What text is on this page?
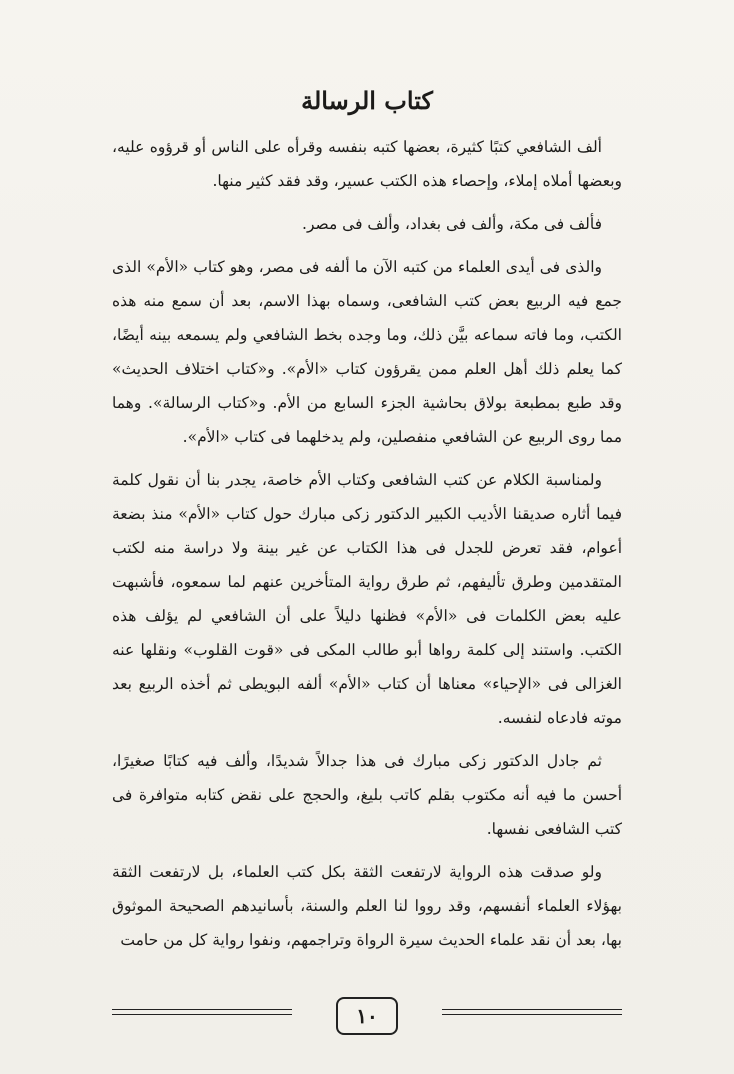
كتاب الرسالة

ألف الشافعي كتبًا كثيرة، بعضها كتبه بنفسه وقرأه على الناس أو قرؤوه عليه، وبعضها أملاه إملاء، وإحصاء هذه الكتب عسير، وقد فقد كثير منها.

فألف فى مكة، وألف فى بغداد، وألف فى مصر.

والذى فى أيدى العلماء من كتبه الآن ما ألفه فى مصر، وهو كتاب «الأم» الذى جمع فيه الربيع بعض كتب الشافعى، وسماه بهذا الاسم، بعد أن سمع منه هذه الكتب، وما فاته سماعه بيَّن ذلك، وما وجده بخط الشافعي ولم يسمعه بينه أيضًا، كما يعلم ذلك أهل العلم ممن يقرؤون كتاب «الأم». و«كتاب اختلاف الحديث» وقد طبع بمطبعة بولاق بحاشية الجزء السابع من الأم. و«كتاب الرسالة». وهما مما روى الربيع عن الشافعي منفصلين، ولم يدخلهما فى كتاب «الأم».

ولمناسبة الكلام عن كتب الشافعى وكتاب الأم خاصة، يجدر بنا أن نقول كلمة فيما أثاره صديقنا الأديب الكبير الدكتور زكى مبارك حول كتاب «الأم» منذ بضعة أعوام، فقد تعرض للجدل فى هذا الكتاب عن غير بينة ولا دراسة منه لكتب المتقدمين وطرق تأليفهم، ثم طرق رواية المتأخرين عنهم لما سمعوه، فأشبهت عليه بعض الكلمات فى «الأم» فظنها دليلاً على أن الشافعي لم يؤلف هذه الكتب. واستند إلى كلمة رواها أبو طالب المكى فى «قوت القلوب» ونقلها عنه الغزالى فى «الإحياء» معناها أن كتاب «الأم» ألفه البويطى ثم أخذه الربيع بعد موته فادعاه لنفسه.

ثم جادل الدكتور زكى مبارك فى هذا جدالاً شديدًا، وألف فيه كتابًا صغيرًا، أحسن ما فيه أنه مكتوب بقلم كاتب بليغ، والحجج على نقض كتابه متوافرة فى كتب الشافعى نفسها.

ولو صدقت هذه الرواية لارتفعت الثقة بكل كتب العلماء، بل لارتفعت الثقة بهؤلاء العلماء أنفسهم، وقد رووا لنا العلم والسنة، بأسانيدهم الصحيحة الموثوق بها، بعد أن نقد علماء الحديث سيرة الرواة وتراجمهم، ونفوا رواية كل من حامت

١٠
